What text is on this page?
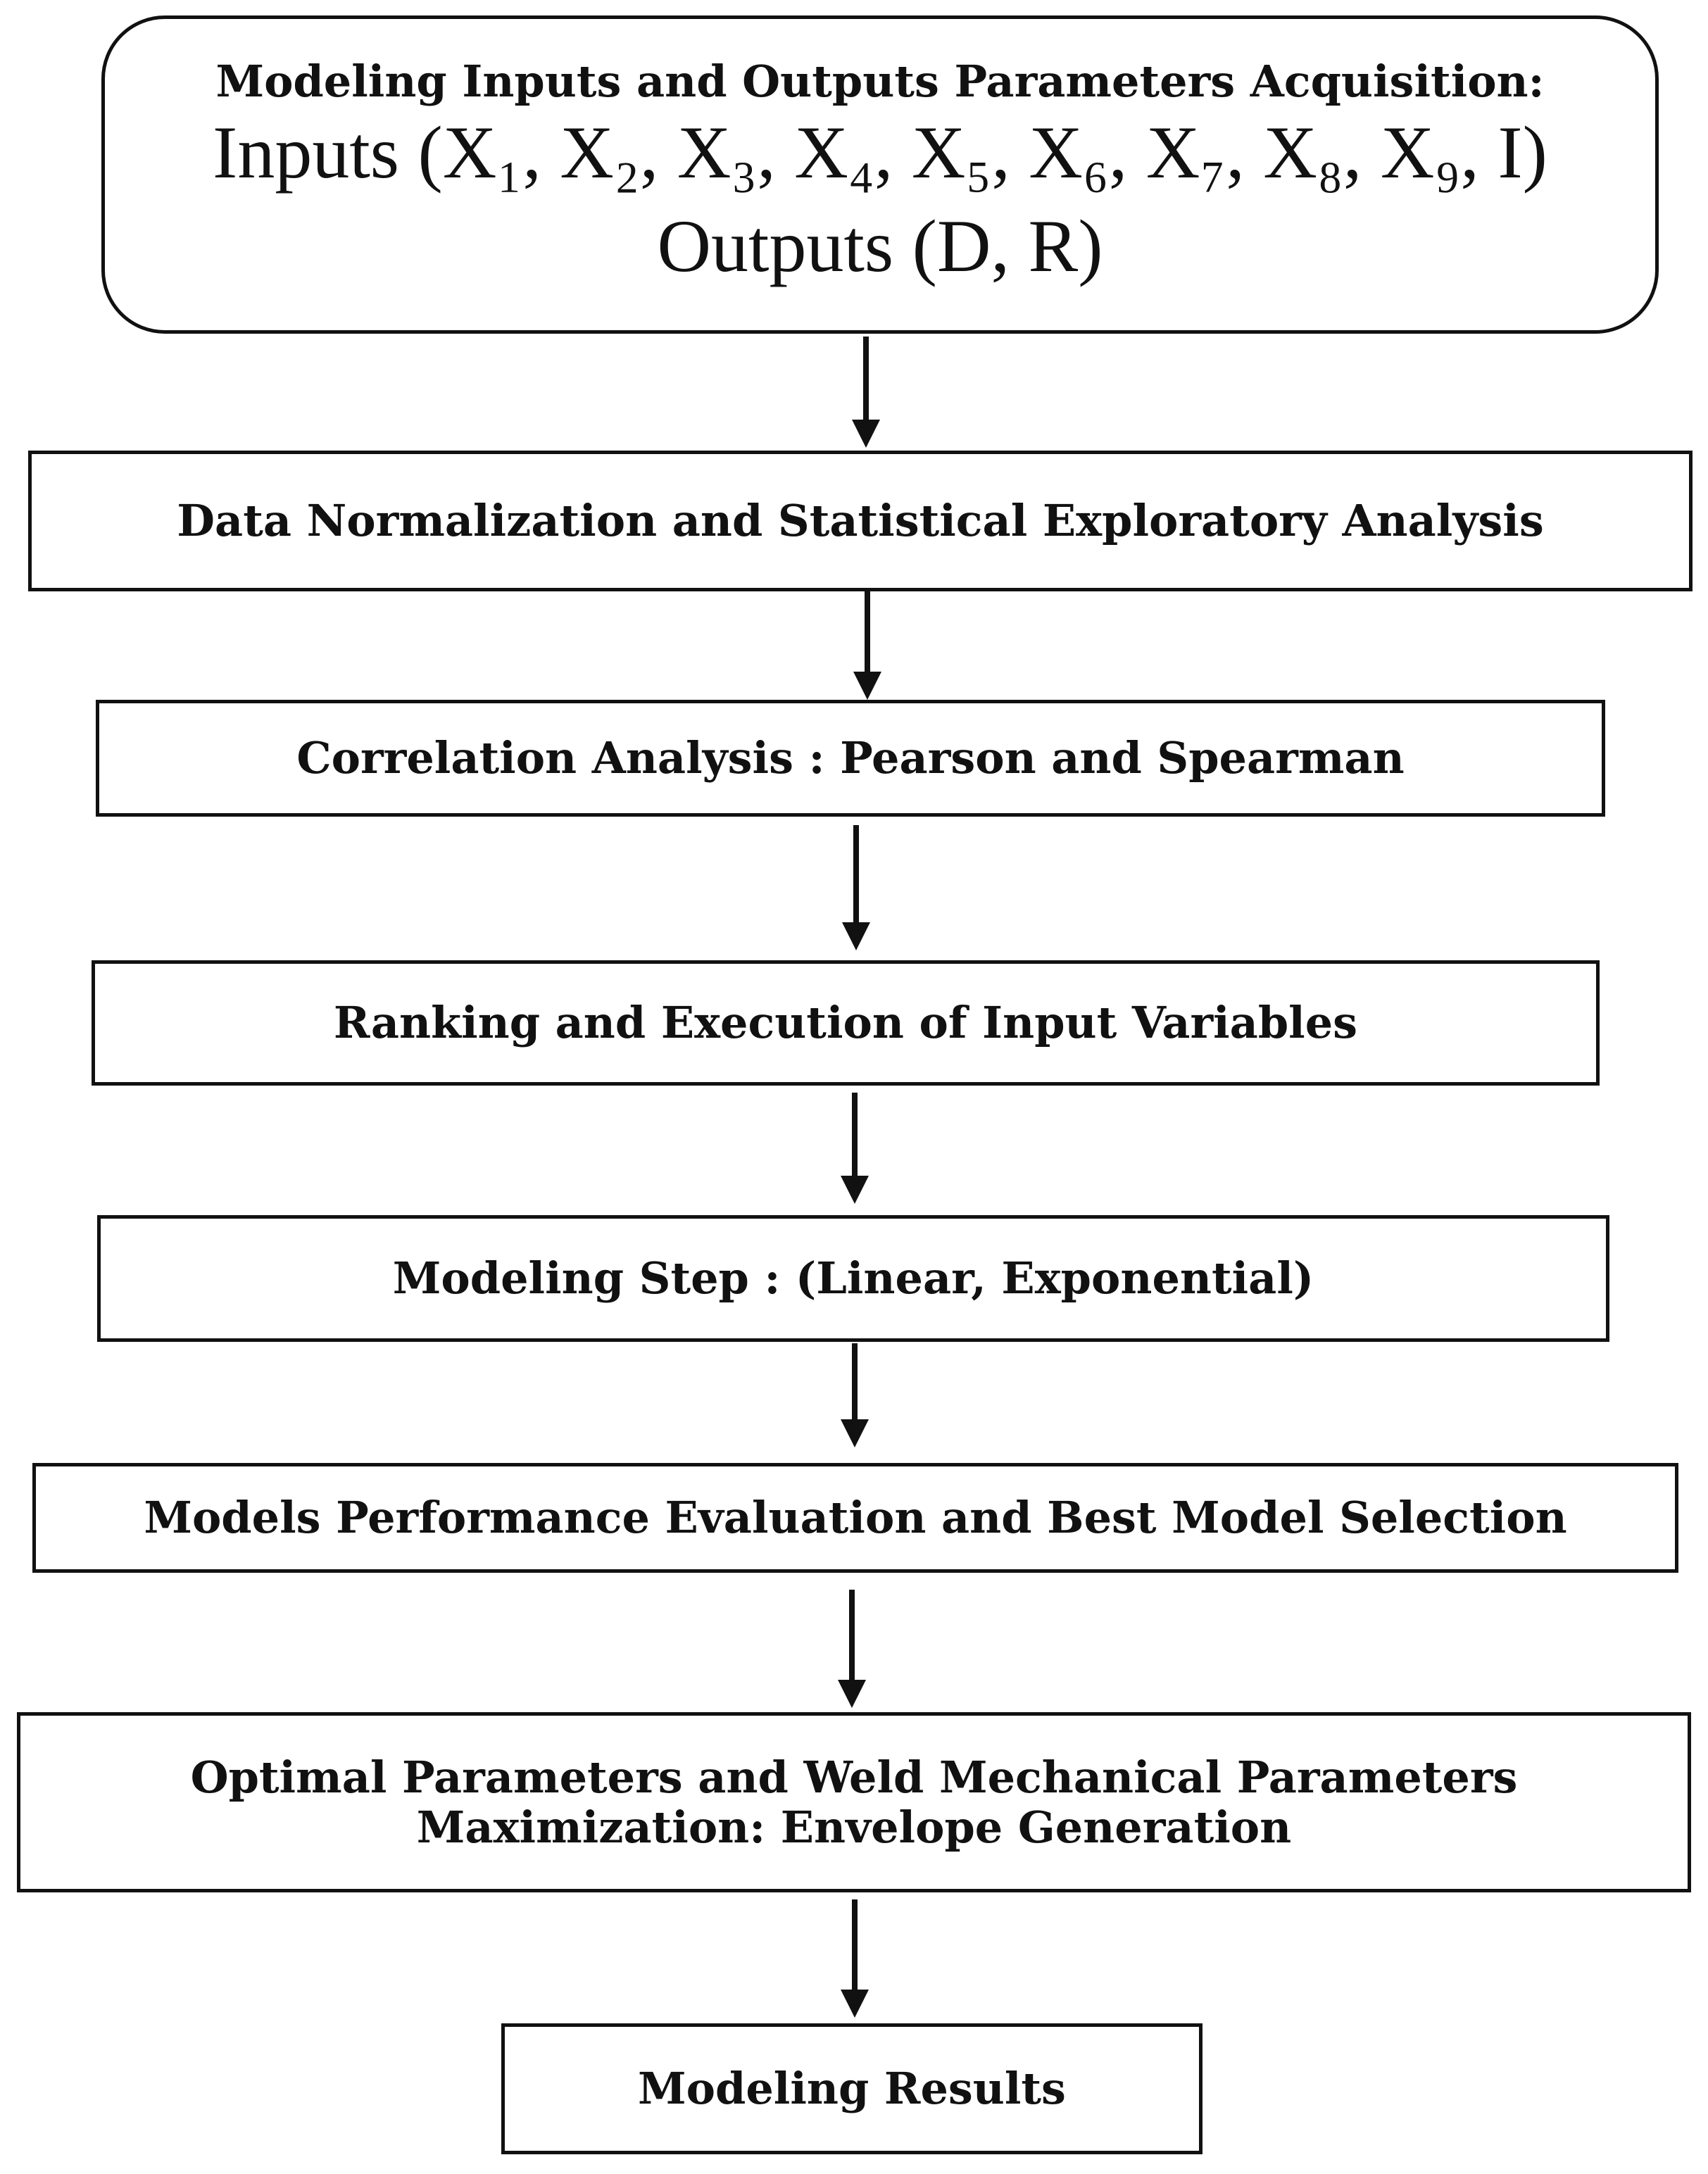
Modeling Inputs and Outputs Parameters Acquisition:
Inputs (X₁, X₂, X₃, X₄, X₅, X₆, X₇, X₈, X₉, I)
Outputs (D, R)
Data Normalization and Statistical Exploratory Analysis
Correlation Analysis : Pearson and Spearman
Ranking and Execution of Input Variables
Modeling Step : (Linear, Exponential)
Models Performance Evaluation and Best Model Selection
Optimal Parameters and Weld Mechanical Parameters
Maximization: Envelope Generation
Modeling Results
